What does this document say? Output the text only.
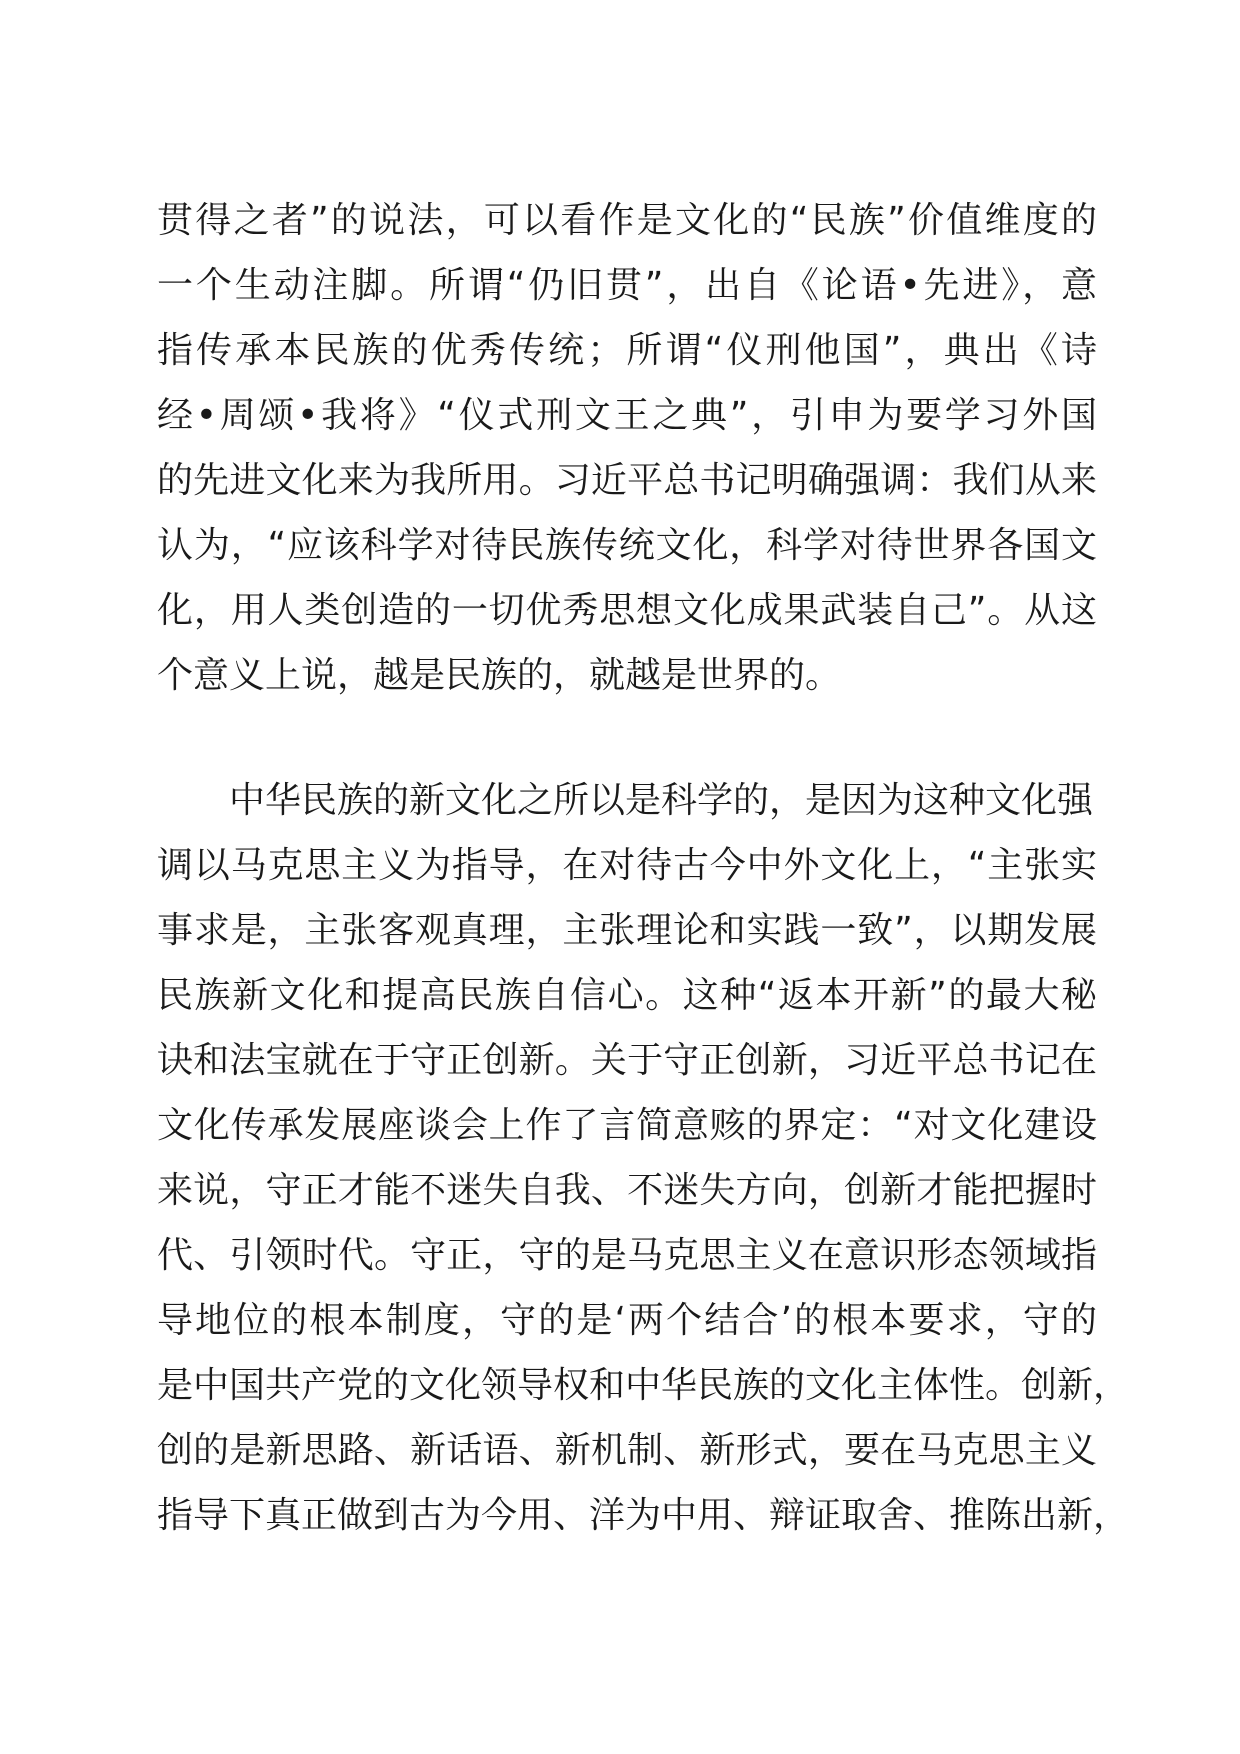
贯得之者”的说法，可以看作是文化的“民族”价值维度的
一个生动注脚。所谓“仍旧贯”，出自《论语•先进》，意
指传承本民族的优秀传统；所谓“仪刑他国”，典出《诗
经•周颂•我将》“仪式刑文王之典”，引申为要学习外国
的先进文化来为我所用。习近平总书记明确强调：我们从来
认为，“应该科学对待民族传统文化，科学对待世界各国文
化，用人类创造的一切优秀思想文化成果武装自己”。从这
个意义上说，越是民族的，就越是世界的。
　　中华民族的新文化之所以是科学的，是因为这种文化强
调以马克思主义为指导，在对待古今中外文化上，“主张实
事求是，主张客观真理，主张理论和实践一致”，以期发展
民族新文化和提高民族自信心。这种“返本开新”的最大秘
诀和法宝就在于守正创新。关于守正创新，习近平总书记在
文化传承发展座谈会上作了言简意赅的界定：“对文化建设
来说，守正才能不迷失自我、不迷失方向，创新才能把握时
代、引领时代。守正，守的是马克思主义在意识形态领域指
导地位的根本制度，守的是‘两个结合’的根本要求，守的
是中国共产党的文化领导权和中华民族的文化主体性。创新，
创的是新思路、新话语、新机制、新形式，要在马克思主义
指导下真正做到古为今用、洋为中用、辩证取舍、推陈出新，
